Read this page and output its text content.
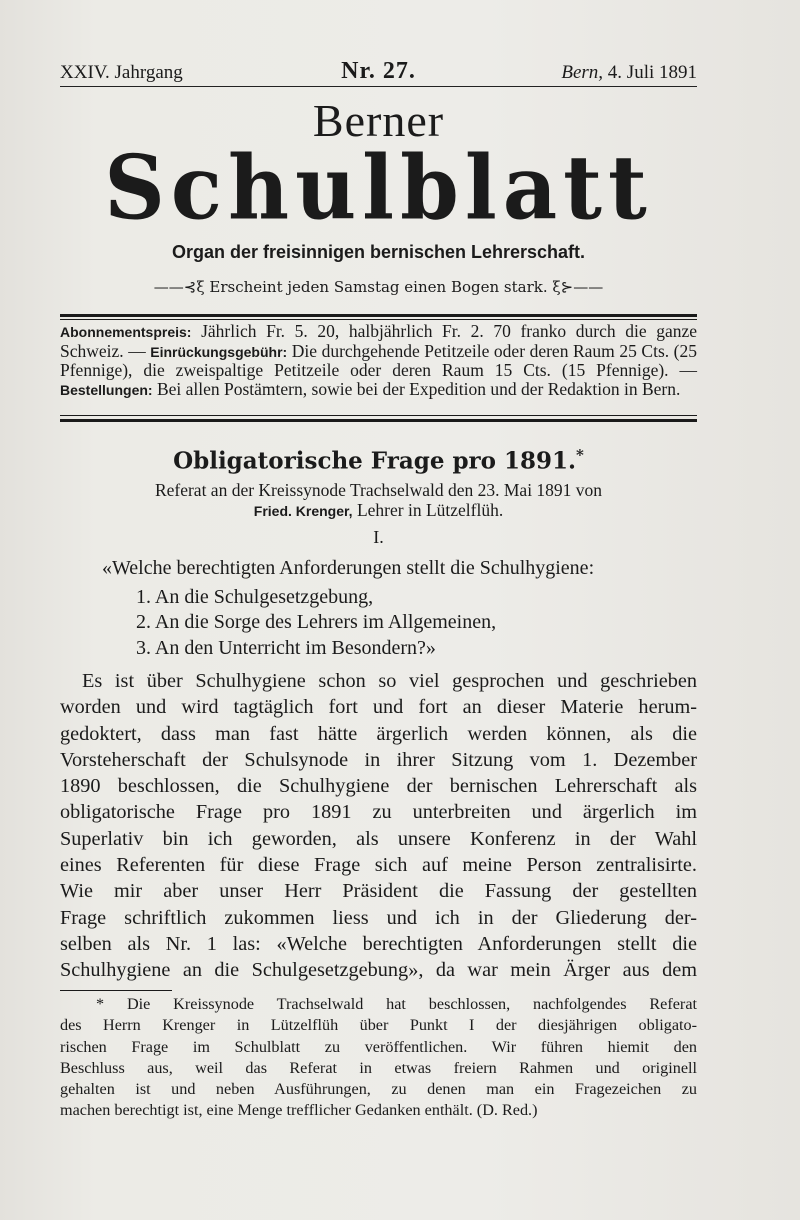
XXIV. Jahrgang	Nr. 27.	Bern, 4. Juli 1891
Berner
Schulblatt
Organ der freisinnigen bernischen Lehrerschaft.
——⊰ξ Erscheint jeden Samstag einen Bogen stark. ξ⊱——
Abonnementspreis: Jährlich Fr. 5. 20, halbjährlich Fr. 2. 70 franko durch die ganze Schweiz. — Einrückungsgebühr: Die durchgehende Petitzeile oder deren Raum 25 Cts. (25 Pfennige), die zweispaltige Petitzeile oder deren Raum 15 Cts. (15 Pfennige). — Bestellungen: Bei allen Postämtern, sowie bei der Expedition und der Redaktion in Bern.
Obligatorische Frage pro 1891.*
Referat an der Kreissynode Trachselwald den 23. Mai 1891 von
Fried. Krenger, Lehrer in Lützelflüh.
I.
«Welche berechtigten Anforderungen stellt die Schulhygiene:
1. An die Schulgesetzgebung,
2. An die Sorge des Lehrers im Allgemeinen,
3. An den Unterricht im Besondern?»
Es ist über Schulhygiene schon so viel gesprochen und geschrieben
worden und wird tagtäglich fort und fort an dieser Materie herum-
gedoktert, dass man fast hätte ärgerlich werden können, als die
Vorsteherschaft der Schulsynode in ihrer Sitzung vom 1. Dezember
1890 beschlossen, die Schulhygiene der bernischen Lehrerschaft als
obligatorische Frage pro 1891 zu unterbreiten und ärgerlich im
Superlativ bin ich geworden, als unsere Konferenz in der Wahl
eines Referenten für diese Frage sich auf meine Person zentralisirte.
Wie mir aber unser Herr Präsident die Fassung der gestellten
Frage schriftlich zukommen liess und ich in der Gliederung der-
selben als Nr. 1 las: «Welche berechtigten Anforderungen stellt die
Schulhygiene an die Schulgesetzgebung», da war mein Ärger aus dem
* Die Kreissynode Trachselwald hat beschlossen, nachfolgendes Referat
des Herrn Krenger in Lützelflüh über Punkt I der diesjährigen obligato-
rischen Frage im Schulblatt zu veröffentlichen. Wir führen hiemit den
Beschluss aus, weil das Referat in etwas freiern Rahmen und originell
gehalten ist und neben Ausführungen, zu denen man ein Fragezeichen zu
machen berechtigt ist, eine Menge trefflicher Gedanken enthält. (D. Red.)
